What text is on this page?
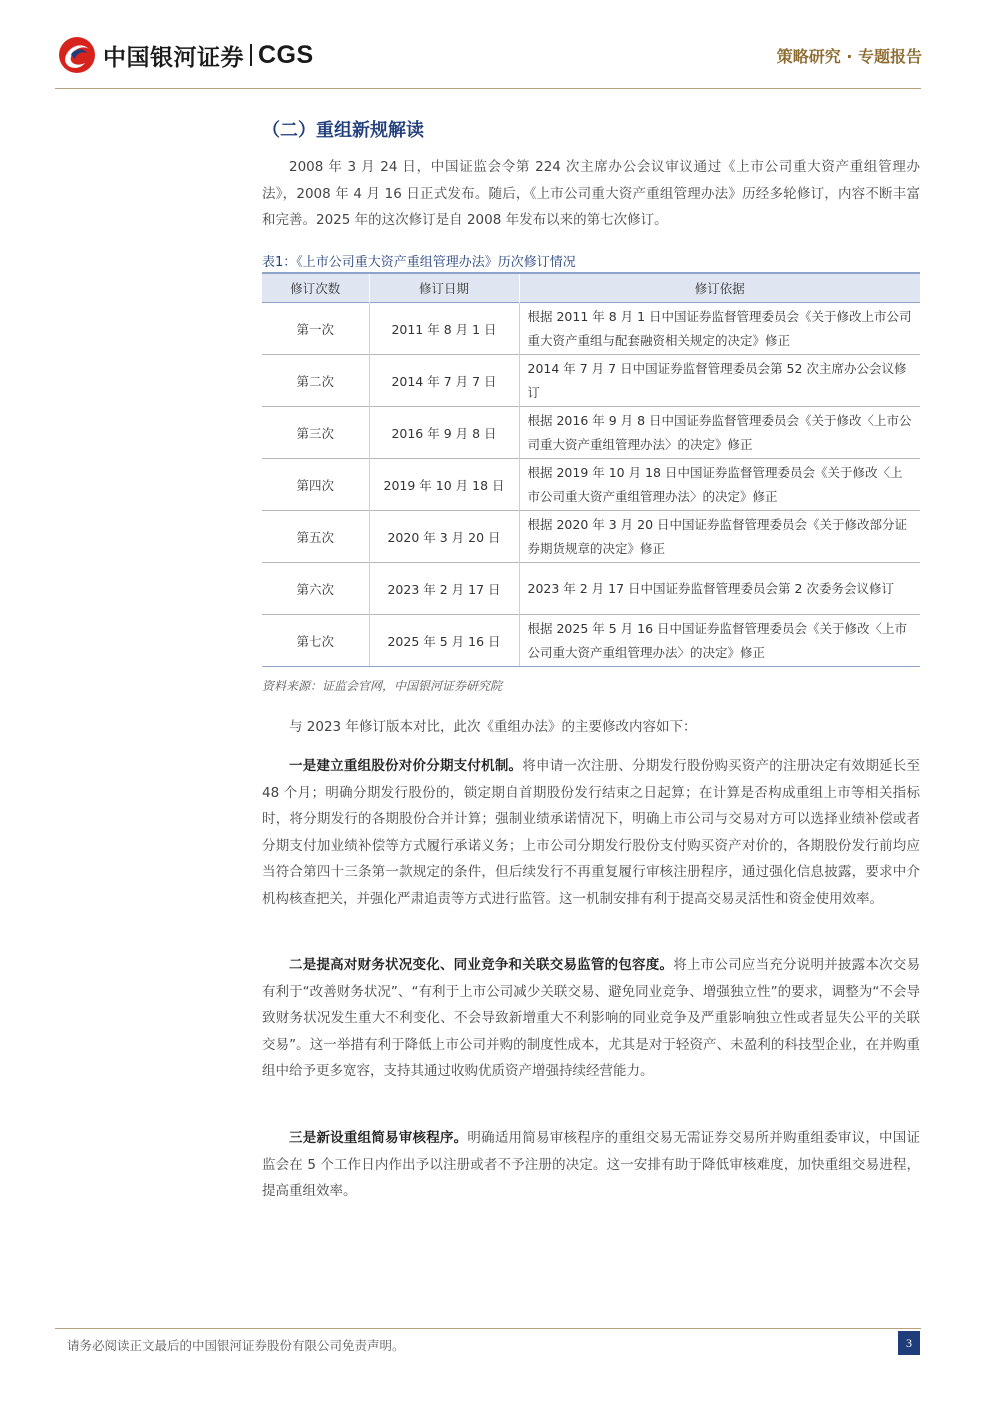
中国银河证券 CGS	策略研究 · 专题报告
（二）重组新规解读

2008 年 3 月 24 日，中国证监会令第 224 次主席办公会议审议通过《上市公司重大资产重组管理办法》，2008 年 4 月 16 日正式发布。随后，《上市公司重大资产重组管理办法》历经多轮修订，内容不断丰富和完善。2025 年的这次修订是自 2008 年发布以来的第七次修订。

表1：《上市公司重大资产重组管理办法》历次修订情况
修订次数	修订日期	修订依据
第一次	2011 年 8 月 1 日	根据 2011 年 8 月 1 日中国证券监督管理委员会《关于修改上市公司重大资产重组与配套融资相关规定的决定》修正
第二次	2014 年 7 月 7 日	2014 年 7 月 7 日中国证券监督管理委员会第 52 次主席办公会议修订
第三次	2016 年 9 月 8 日	根据 2016 年 9 月 8 日中国证券监督管理委员会《关于修改〈上市公司重大资产重组管理办法〉的决定》修正
第四次	2019 年 10 月 18 日	根据 2019 年 10 月 18 日中国证券监督管理委员会《关于修改〈上市公司重大资产重组管理办法〉的决定》修正
第五次	2020 年 3 月 20 日	根据 2020 年 3 月 20 日中国证券监督管理委员会《关于修改部分证券期货规章的决定》修正
第六次	2023 年 2 月 17 日	2023 年 2 月 17 日中国证券监督管理委员会第 2 次委务会议修订
第七次	2025 年 5 月 16 日	根据 2025 年 5 月 16 日中国证券监督管理委员会《关于修改〈上市公司重大资产重组管理办法〉的决定》修正
资料来源：证监会官网，中国银河证券研究院

与 2023 年修订版本对比，此次《重组办法》的主要修改内容如下：

一是建立重组股份对价分期支付机制。将申请一次注册、分期发行股份购买资产的注册决定有效期延长至 48 个月；明确分期发行股份的，锁定期自首期股份发行结束之日起算；在计算是否构成重组上市等相关指标时，将分期发行的各期股份合并计算；强制业绩承诺情况下，明确上市公司与交易对方可以选择业绩补偿或者分期支付加业绩补偿等方式履行承诺义务；上市公司分期发行股份支付购买资产对价的，各期股份发行前均应当符合第四十三条第一款规定的条件，但后续发行不再重复履行审核注册程序，通过强化信息披露，要求中介机构核查把关，并强化严肃追责等方式进行监管。这一机制安排有利于提高交易灵活性和资金使用效率。

二是提高对财务状况变化、同业竞争和关联交易监管的包容度。将上市公司应当充分说明并披露本次交易有利于“改善财务状况”、“有利于上市公司减少关联交易、避免同业竞争、增强独立性”的要求，调整为“不会导致财务状况发生重大不利变化、不会导致新增重大不利影响的同业竞争及严重影响独立性或者显失公平的关联交易”。这一举措有利于降低上市公司并购的制度性成本，尤其是对于轻资产、未盈利的科技型企业，在并购重组中给予更多宽容，支持其通过收购优质资产增强持续经营能力。

三是新设重组简易审核程序。明确适用简易审核程序的重组交易无需证券交易所并购重组委审议，中国证监会在 5 个工作日内作出予以注册或者不予注册的决定。这一安排有助于降低审核难度，加快重组交易进程，提高重组效率。

请务必阅读正文最后的中国银河证券股份有限公司免责声明。	3
